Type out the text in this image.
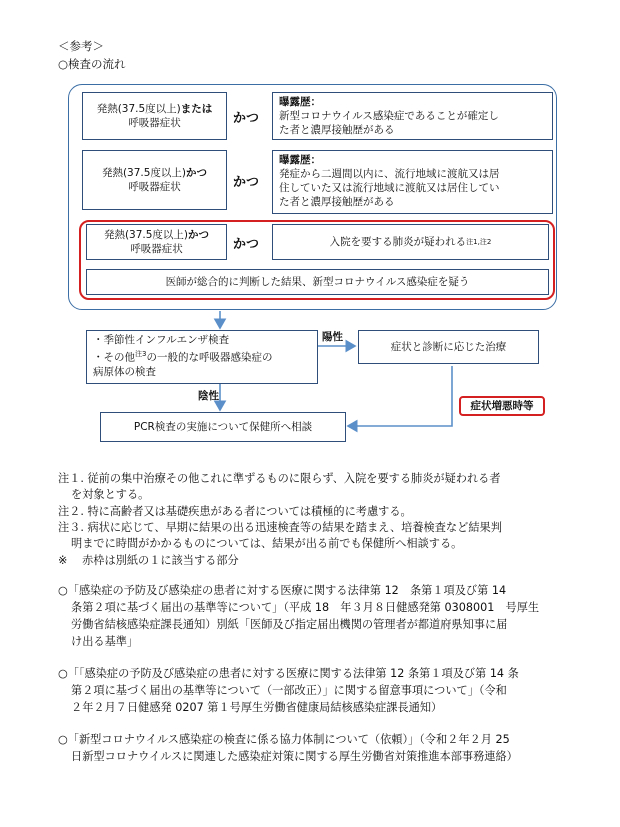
＜参考＞
○検査の流れ
発熱(37.5度以上)または
呼吸器症状	かつ
曝露歴：
新型コロナウイルス感染症であることが確定し
た者と濃厚接触歴がある
発熱(37.5度以上)かつ
呼吸器症状	かつ
曝露歴：
発症から二週間以内に、流行地域に渡航又は居
住していた又は流行地域に渡航又は居住してい
た者と濃厚接触歴がある
発熱(37.5度以上)かつ
呼吸器症状	かつ	入院を要する肺炎が疑われる 注1,注2
医師が総合的に判断した結果、新型コロナウイルス感染症を疑う
・季節性インフルエンザ検査
・その他$^{注3}$の一般的な呼吸器感染症の
病原体の検査
陽性
症状と診断に応じた治療
陰性
症状増悪時等
PCR検査の実施について保健所へ相談
注１. 従前の集中治療その他これに準ずるものに限らず、入院を要する肺炎が疑われる者
を対象とする。
注２. 特に高齢者又は基礎疾患がある者については積極的に考慮する。
注３. 病状に応じて、早期に結果の出る迅速検査等の結果を踏まえ、培養検査など結果判
明までに時間がかかるものについては、結果が出る前でも保健所へ相談する。
※　 赤枠は別紙の１に該当する部分
○「感染症の予防及び感染症の患者に対する医療に関する法律第 12　条第１項及び第 14
条第２項に基づく届出の基準等について」（平成 18　年３月８日健感発第 0308001　号厚生
労働省結核感染症課長通知）別紙「医師及び指定届出機関の管理者が都道府県知事に届
け出る基準」
○「「感染症の予防及び感染症の患者に対する医療に関する法律第 12 条第１項及び第 14 条
第２項に基づく届出の基準等について（一部改正）」に関する留意事項について」（令和
２年２月７日健感発 0207 第１号厚生労働省健康局結核感染症課長通知）
○「新型コロナウイルス感染症の検査に係る協力体制について（依頼）」（令和２年２月 25
日新型コロナウイルスに関連した感染症対策に関する厚生労働省対策推進本部事務連絡）
